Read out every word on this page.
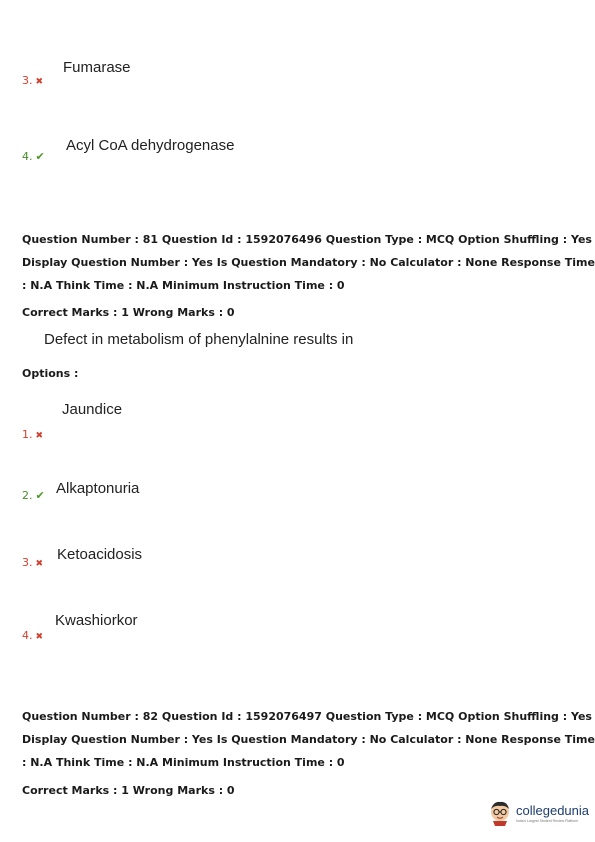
Fumarase
3. ✖
Acyl CoA dehydrogenase
4. ✔
Question Number : 81 Question Id : 1592076496 Question Type : MCQ Option Shuffling : Yes
Display Question Number : Yes Is Question Mandatory : No Calculator : None Response Time
: N.A Think Time : N.A Minimum Instruction Time : 0
Correct Marks : 1 Wrong Marks : 0
Defect in metabolism of phenylalnine results in
Options :
Jaundice
1. ✖
Alkaptonuria
2. ✔
Ketoacidosis
3. ✖
Kwashiorkor
4. ✖
Question Number : 82 Question Id : 1592076497 Question Type : MCQ Option Shuffling : Yes
Display Question Number : Yes Is Question Mandatory : No Calculator : None Response Time
: N.A Think Time : N.A Minimum Instruction Time : 0
Correct Marks : 1 Wrong Marks : 0
collegedunia
India's Largest Student Review Platform
